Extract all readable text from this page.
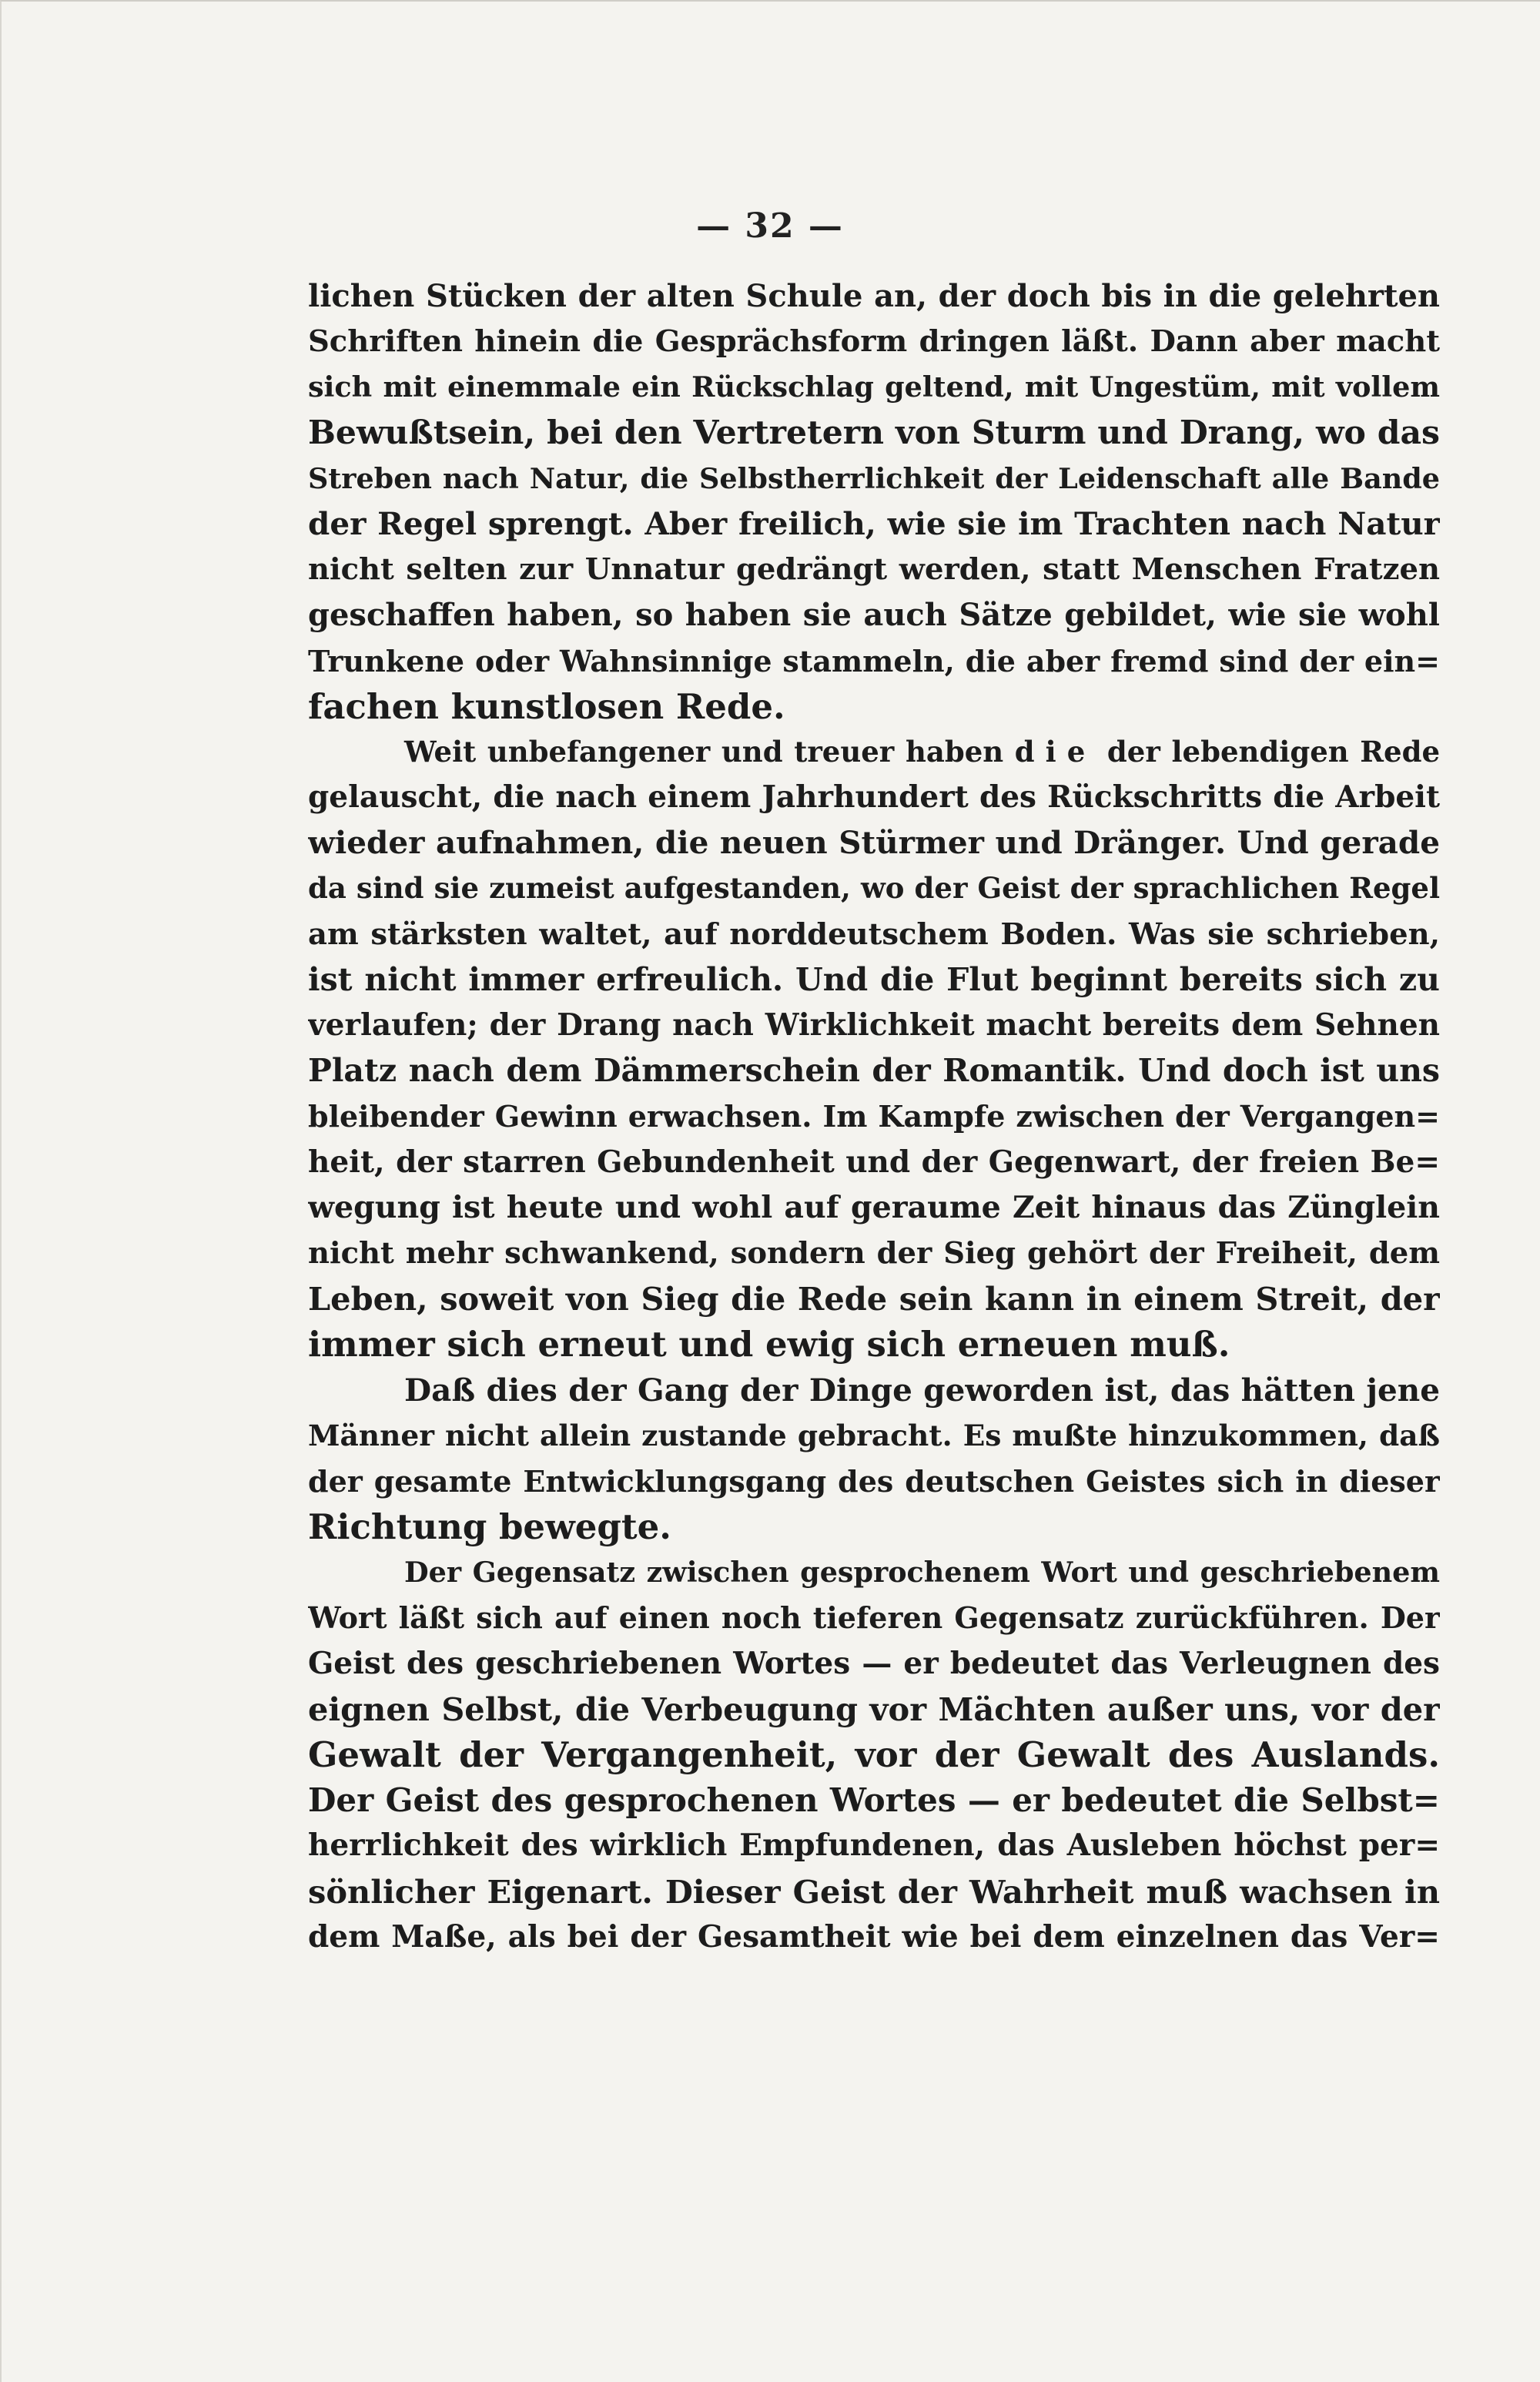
— 32 —
lichen Stücken der alten Schule an, der doch bis in die gelehrten
Schriften hinein die Gesprächsform dringen läßt. Dann aber macht
sich mit einemmale ein Rückschlag geltend, mit Ungestüm, mit vollem
Bewußtsein, bei den Vertretern von Sturm und Drang, wo das
Streben nach Natur, die Selbstherrlichkeit der Leidenschaft alle Bande
der Regel sprengt. Aber freilich, wie sie im Trachten nach Natur
nicht selten zur Unnatur gedrängt werden, statt Menschen Fratzen
geschaffen haben, so haben sie auch Sätze gebildet, wie sie wohl
Trunkene oder Wahnsinnige stammeln, die aber fremd sind der ein=
fachen kunstlosen Rede.
Weit unbefangener und treuer haben die der lebendigen Rede
gelauscht, die nach einem Jahrhundert des Rückschritts die Arbeit
wieder aufnahmen, die neuen Stürmer und Dränger. Und gerade
da sind sie zumeist aufgestanden, wo der Geist der sprachlichen Regel
am stärksten waltet, auf norddeutschem Boden. Was sie schrieben,
ist nicht immer erfreulich. Und die Flut beginnt bereits sich zu
verlaufen; der Drang nach Wirklichkeit macht bereits dem Sehnen
Platz nach dem Dämmerschein der Romantik. Und doch ist uns
bleibender Gewinn erwachsen. Im Kampfe zwischen der Vergangen=
heit, der starren Gebundenheit und der Gegenwart, der freien Be=
wegung ist heute und wohl auf geraume Zeit hinaus das Zünglein
nicht mehr schwankend, sondern der Sieg gehört der Freiheit, dem
Leben, soweit von Sieg die Rede sein kann in einem Streit, der
immer sich erneut und ewig sich erneuen muß.
Daß dies der Gang der Dinge geworden ist, das hätten jene
Männer nicht allein zustande gebracht. Es mußte hinzukommen, daß
der gesamte Entwicklungsgang des deutschen Geistes sich in dieser
Richtung bewegte.
Der Gegensatz zwischen gesprochenem Wort und geschriebenem
Wort läßt sich auf einen noch tieferen Gegensatz zurückführen. Der
Geist des geschriebenen Wortes — er bedeutet das Verleugnen des
eignen Selbst, die Verbeugung vor Mächten außer uns, vor der
Gewalt der Vergangenheit, vor der Gewalt des Auslands.
Der Geist des gesprochenen Wortes — er bedeutet die Selbst=
herrlichkeit des wirklich Empfundenen, das Ausleben höchst per=
sönlicher Eigenart. Dieser Geist der Wahrheit muß wachsen in
dem Maße, als bei der Gesamtheit wie bei dem einzelnen das Ver=
